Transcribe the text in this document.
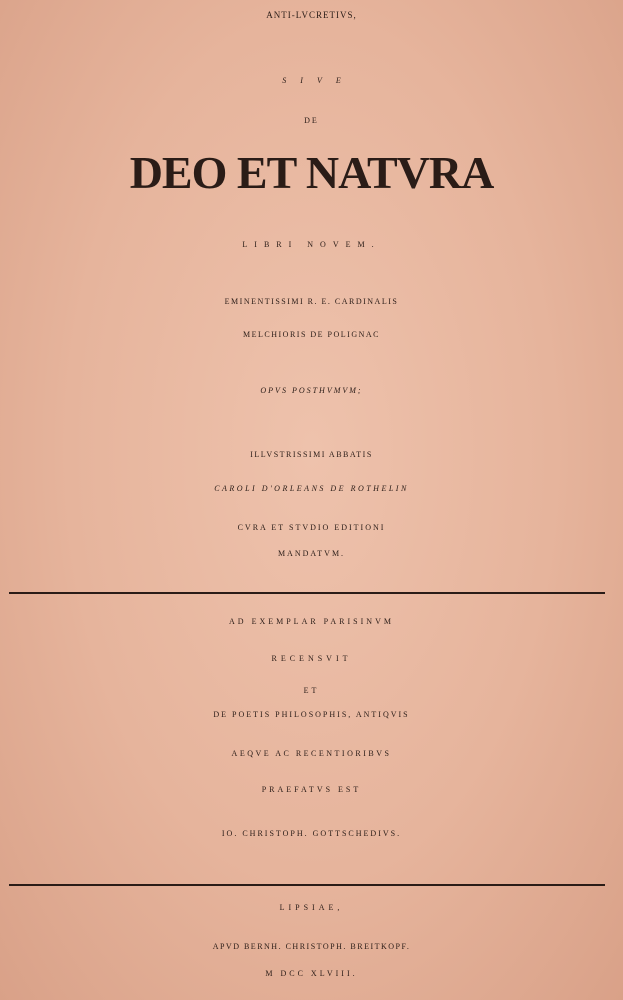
ANTI-LVCRETIVS,
SIVE
DE
DEO ET NATVRA
LIBRI NOVEM.
EMINENTISSIMI R. E. CARDINALIS
MELCHIORIS DE POLIGNAC
OPVS POSTHVMVM;
ILLVSTRISSIMI ABBATIS
CAROLI D'ORLEANS DE ROTHELIN
CVRA ET STVDIO EDITIONI
MANDATVM.
AD EXEMPLAR PARISINVM
RECENSVIT
ET
DE POETIS PHILOSOPHIS, ANTIQVIS
AEQVE AC RECENTIORIBVS
PRAEFATVS EST
IO. CHRISTOPH. GOTTSCHEDIVS.
LIPSIAE,
APVD BERNH. CHRISTOPH. BREITKOPF.
M DCC XLVIII.
